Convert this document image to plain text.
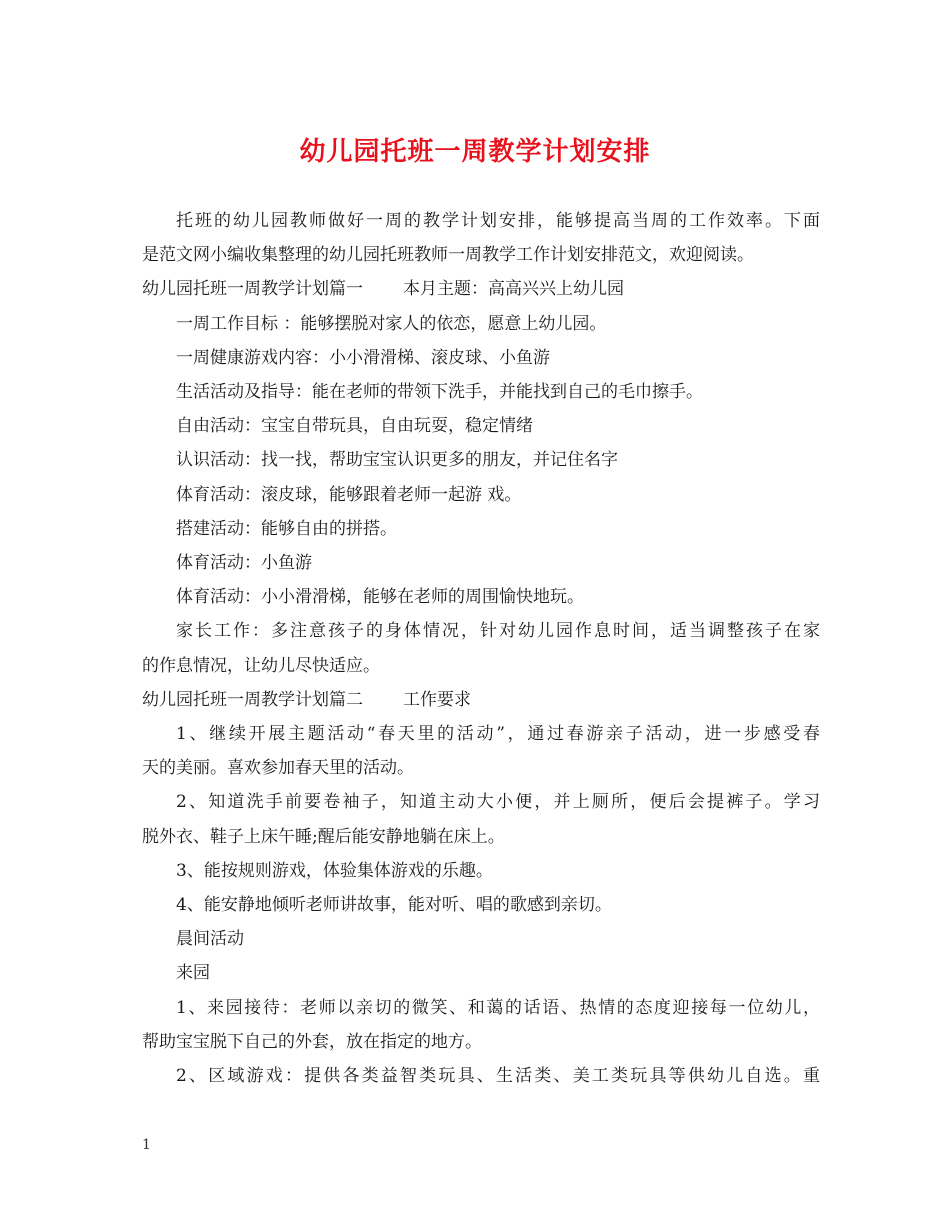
幼儿园托班一周教学计划安排

托班的幼儿园教师做好一周的教学计划安排，能够提高当周的工作效率。下面

是范文网小编收集整理的幼儿园托班教师一周教学工作计划安排范文，欢迎阅读。

幼儿园托班一周教学计划篇一 本月主题：高高兴兴上幼儿园

一周工作目标 ：能够摆脱对家人的依恋，愿意上幼儿园。

一周健康游戏内容：小小滑滑梯、滚皮球、小鱼游

生活活动及指导：能在老师的带领下洗手，并能找到自己的毛巾擦手。

自由活动：宝宝自带玩具，自由玩耍，稳定情绪

认识活动：找一找，帮助宝宝认识更多的朋友，并记住名字

体育活动：滚皮球，能够跟着老师一起游 戏。

搭建活动：能够自由的拼搭。

体育活动：小鱼游

体育活动：小小滑滑梯，能够在老师的周围愉快地玩。

家长工作：多注意孩子的身体情况，针对幼儿园作息时间，适当调整孩子在家

的作息情况，让幼儿尽快适应。

幼儿园托班一周教学计划篇二 工作要求

1、继续开展主题活动“春天里的活动”，通过春游亲子活动，进一步感受春

天的美丽。喜欢参加春天里的活动。

2、知道洗手前要卷袖子，知道主动大小便，并上厕所，便后会提裤子。学习

脱外衣、鞋子上床午睡;醒后能安静地躺在床上。

3、能按规则游戏，体验集体游戏的乐趣。

4、能安静地倾听老师讲故事，能对听、唱的歌感到亲切。

晨间活动

来园

1、来园接待：老师以亲切的微笑、和蔼的话语、热情的态度迎接每一位幼儿，

帮助宝宝脱下自己的外套，放在指定的地方。

2、区域游戏：提供各类益智类玩具、生活类、美工类玩具等供幼儿自选。重

1
